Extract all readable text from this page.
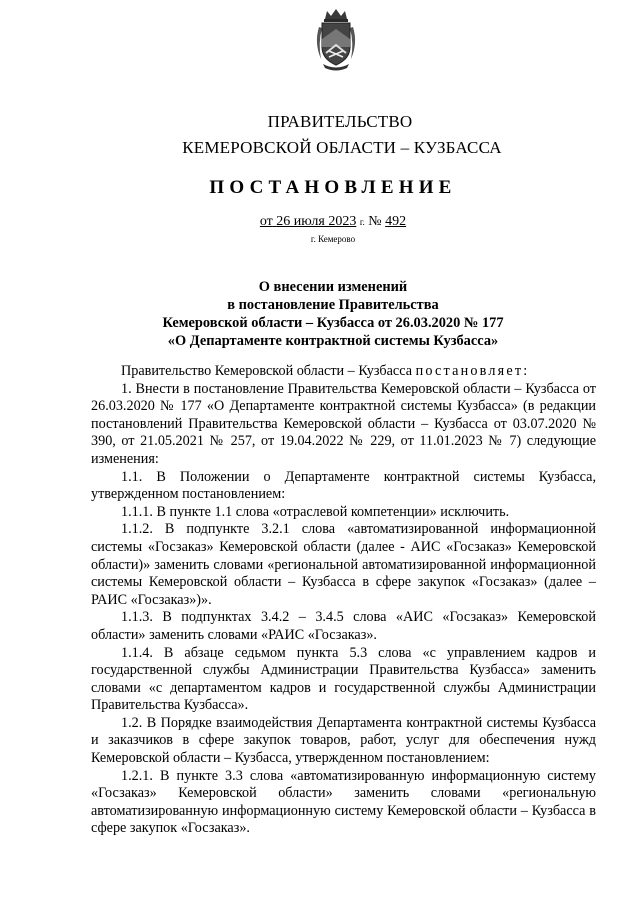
ПРАВИТЕЛЬСТВО
КЕМЕРОВСКОЙ ОБЛАСТИ – КУЗБАССА
ПОСТАНОВЛЕНИЕ
от 26 июля 2023 г. № 492
г. Кемерово
О внесении изменений
в постановление Правительства
Кемеровской области – Кузбасса от 26.03.2020 № 177
«О Департаменте контрактной системы Кузбасса»

Правительство Кемеровской области – Кузбасса постановляет:

1. Внести в постановление Правительства Кемеровской области – Кузбасса от 26.03.2020 № 177 «О Департаменте контрактной системы Кузбасса» (в редакции постановлений Правительства Кемеровской области – Кузбасса от 03.07.2020 № 390, от 21.05.2021 № 257, от 19.04.2022 № 229, от 11.01.2023 № 7) следующие изменения:

1.1. В Положении о Департаменте контрактной системы Кузбасса, утвержденном постановлением:

1.1.1. В пункте 1.1 слова «отраслевой компетенции» исключить.

1.1.2. В подпункте 3.2.1 слова «автоматизированной информационной системы «Госзаказ» Кемеровской области (далее - АИС «Госзаказ» Кемеровской области)» заменить словами «региональной автоматизированной информационной системы Кемеровской области – Кузбасса в сфере закупок «Госзаказ» (далее – РАИС «Госзаказ»)».

1.1.3. В подпунктах 3.4.2 – 3.4.5 слова «АИС «Госзаказ» Кемеровской области» заменить словами «РАИС «Госзаказ».

1.1.4. В абзаце седьмом пункта 5.3 слова «с управлением кадров и государственной службы Администрации Правительства Кузбасса» заменить словами «с департаментом кадров и государственной службы Администрации Правительства Кузбасса».

1.2. В Порядке взаимодействия Департамента контрактной системы Кузбасса и заказчиков в сфере закупок товаров, работ, услуг для обеспечения нужд Кемеровской области – Кузбасса, утвержденном постановлением:

1.2.1. В пункте 3.3 слова «автоматизированную информационную систему «Госзаказ» Кемеровской области» заменить словами «региональную автоматизированную информационную систему Кемеровской области – Кузбасса в сфере закупок «Госзаказ».
